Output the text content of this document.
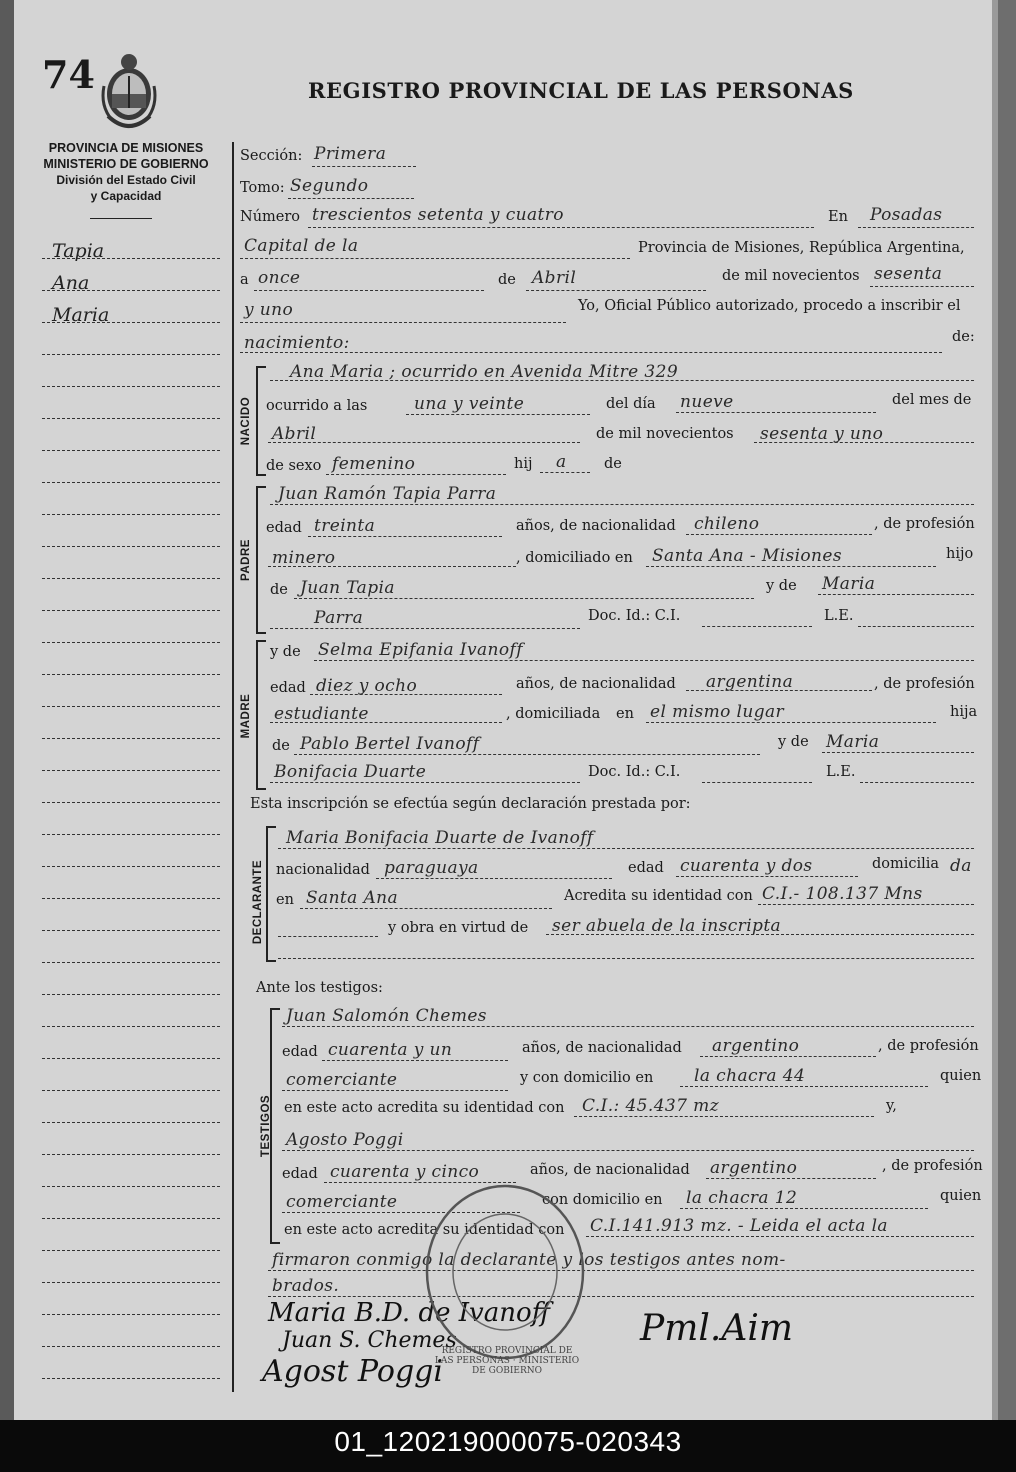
74	REGISTRO PROVINCIAL DE LAS PERSONAS
PROVINCIA DE MISIONES
MINISTERIO DE GOBIERNO
División del Estado Civil
y Capacidad
Tapia
Ana
Maria
Sección: Primera
Tomo: Segundo
Número trescientos setenta y cuatro	En Posadas
Capital de la	Provincia de Misiones, República Argentina,
a once	de Abril	de mil novecientos sesenta
y uno	Yo, Oficial Público autorizado, procedo a inscribir el
nacimiento:	de:
NACIDO
Ana Maria ; ocurrido en Avenida Mitre 329
ocurrido a las	una y veinte	del día nueve	del mes de
Abril	de mil novecientos sesenta y uno
de sexo femenino	hij a	de
PADRE
Juan Ramón Tapia Parra
edad treinta	años, de nacionalidad chileno	, de profesión
minero	, domiciliado en Santa Ana - Misiones	hijo
de Juan Tapia	y de Maria
Parra	Doc. Id.: C.I.	L.E.
MADRE
y de Selma Epifania Ivanoff
edad diez y ocho	años, de nacionalidad argentina	, de profesión
estudiante	, domiciliada en el mismo lugar	hija
de Pablo Bertel Ivanoff	y de Maria
Bonifacia Duarte	Doc. Id.: C.I.	L.E.
Esta inscripción se efectúa según declaración prestada por:
DECLARANTE
Maria Bonifacia Duarte de Ivanoff
nacionalidad paraguaya	edad cuarenta y dos	domicilia da
en Santa Ana	Acredita su identidad con C.I.- 108.137 Mns
y obra en virtud de ser abuela de la inscripta
Ante los testigos:
TESTIGOS
Juan Salomón Chemes
edad cuarenta y un	años, de nacionalidad argentino	, de profesión
comerciante	y con domicilio en la chacra 44	quien
en este acto acredita su identidad con C.I.: 45.437 mz	y,
Agosto Poggi
edad cuarenta y cinco	años, de nacionalidad argentino	, de profesión
comerciante	con domicilio en la chacra 12	quien
en este acto acredita su identidad con C.I.141.913 mz. - Leida el acta la
firmaron conmigo la declarante y los testigos antes nom-
brados.
Maria B.D. de Ivanoff
Juan S. Chemes
Agost Poggi
Pml.Aim
REGISTRO PROVINCIAL DE LAS PERSONAS · MINISTERIO DE GOBIERNO
01_120219000075-020343
